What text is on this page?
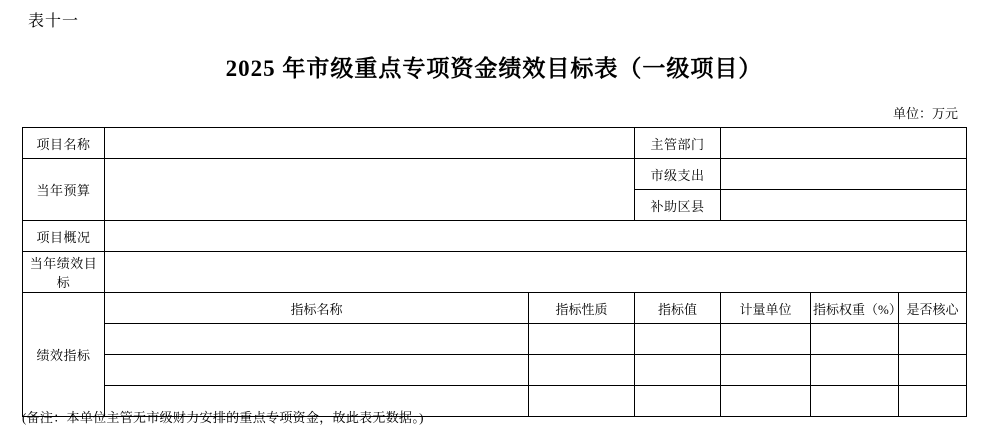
表十一
2025 年市级重点专项资金绩效目标表（一级项目）
单位：万元
项目名称			主管部门			
当年预算			市级支出			
			补助区县			
项目概况						
当年绩效目标						
绩效指标	指标名称	指标性质	指标值	计量单位	指标权重（%）	是否核心

(备注：本单位主管无市级财力安排的重点专项资金，故此表无数据。)
